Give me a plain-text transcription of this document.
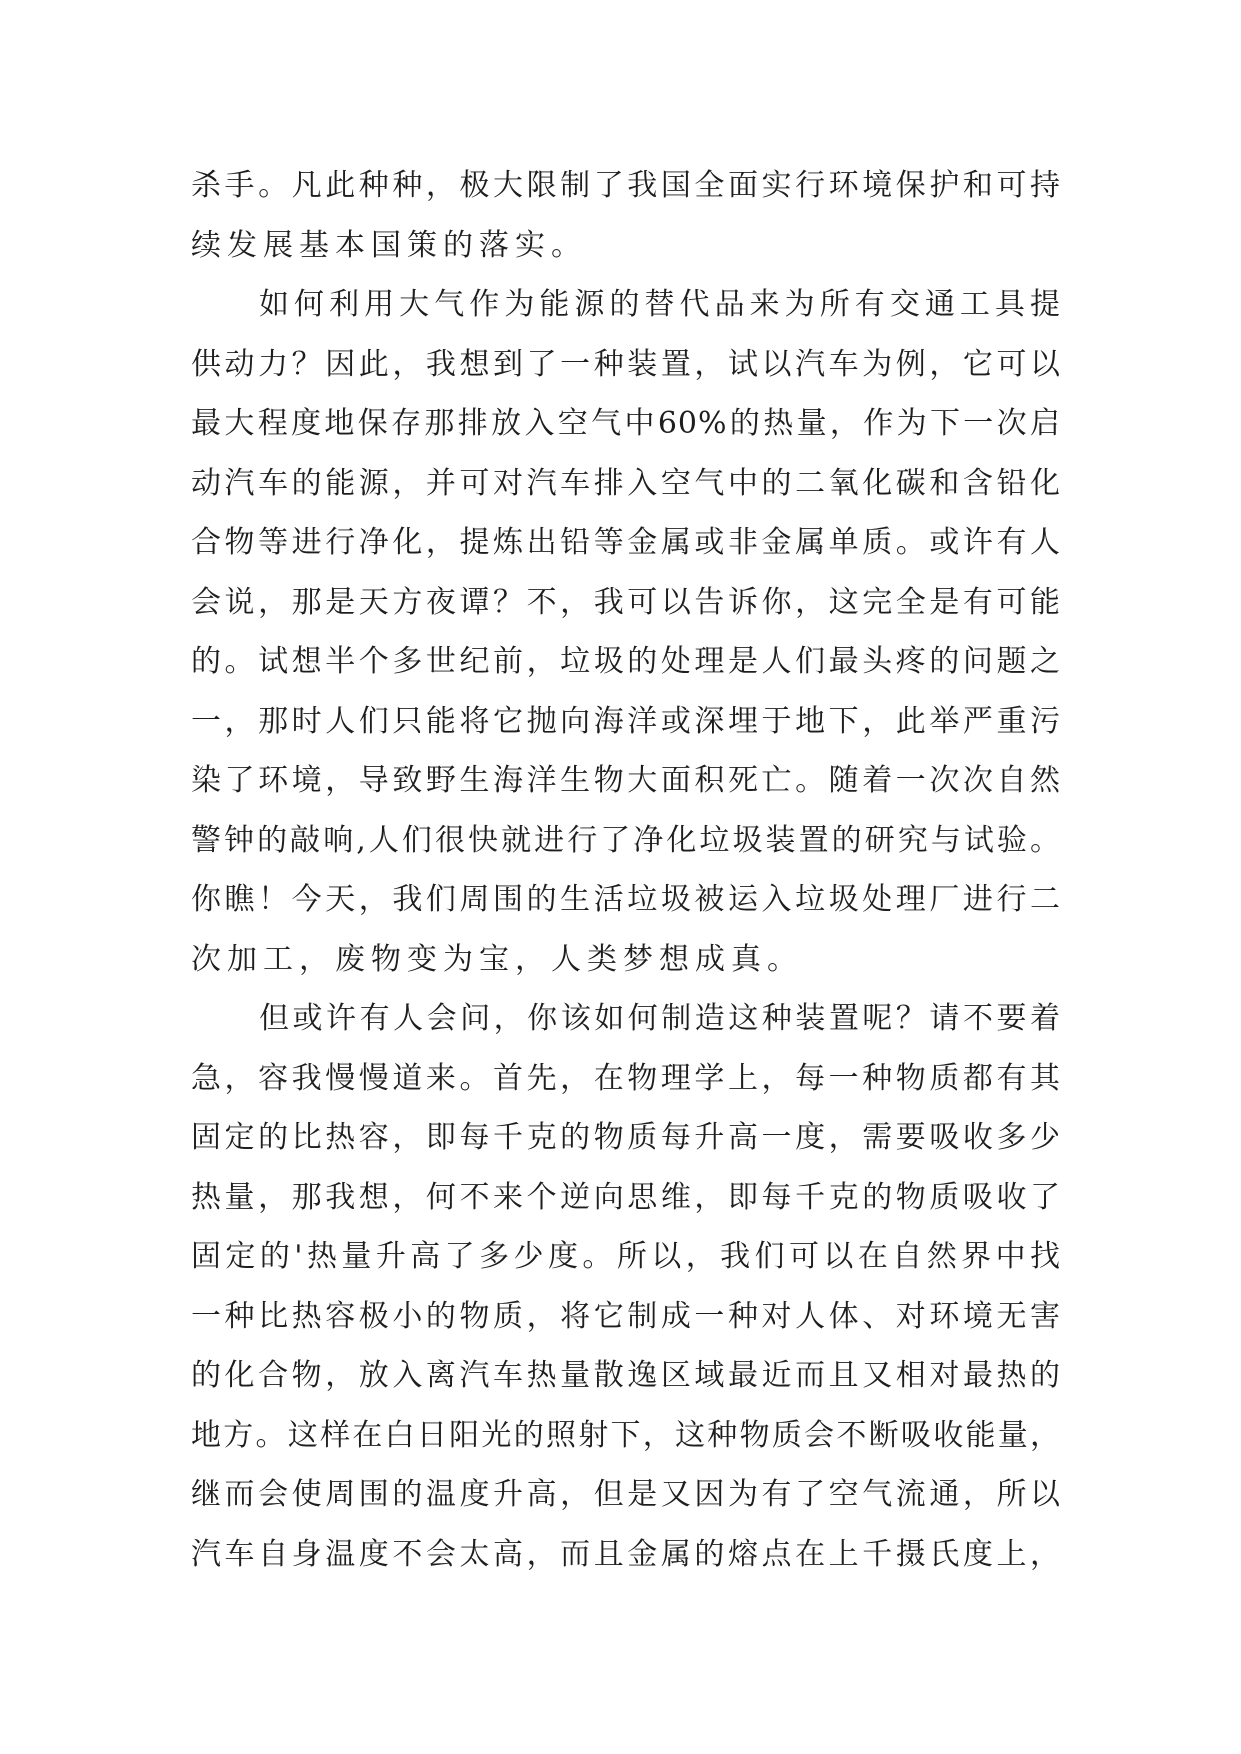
杀手。凡此种种，极大限制了我国全面实行环境保护和可持
续发展基本国策的落实。
如何利用大气作为能源的替代品来为所有交通工具提
供动力？因此，我想到了一种装置，试以汽车为例，它可以
最大程度地保存那排放入空气中60%的热量，作为下一次启
动汽车的能源，并可对汽车排入空气中的二氧化碳和含铅化
合物等进行净化，提炼出铅等金属或非金属单质。或许有人
会说，那是天方夜谭？不，我可以告诉你，这完全是有可能
的。试想半个多世纪前，垃圾的处理是人们最头疼的问题之
一，那时人们只能将它抛向海洋或深埋于地下，此举严重污
染了环境，导致野生海洋生物大面积死亡。随着一次次自然
警钟的敲响,人们很快就进行了净化垃圾装置的研究与试验。
你瞧！今天，我们周围的生活垃圾被运入垃圾处理厂进行二
次加工，废物变为宝，人类梦想成真。
但或许有人会问，你该如何制造这种装置呢？请不要着
急，容我慢慢道来。首先，在物理学上，每一种物质都有其
固定的比热容，即每千克的物质每升高一度，需要吸收多少
热量，那我想，何不来个逆向思维，即每千克的物质吸收了
固定的'热量升高了多少度。所以，我们可以在自然界中找
一种比热容极小的物质，将它制成一种对人体、对环境无害
的化合物，放入离汽车热量散逸区域最近而且又相对最热的
地方。这样在白日阳光的照射下，这种物质会不断吸收能量，
继而会使周围的温度升高，但是又因为有了空气流通，所以
汽车自身温度不会太高，而且金属的熔点在上千摄氏度上，
